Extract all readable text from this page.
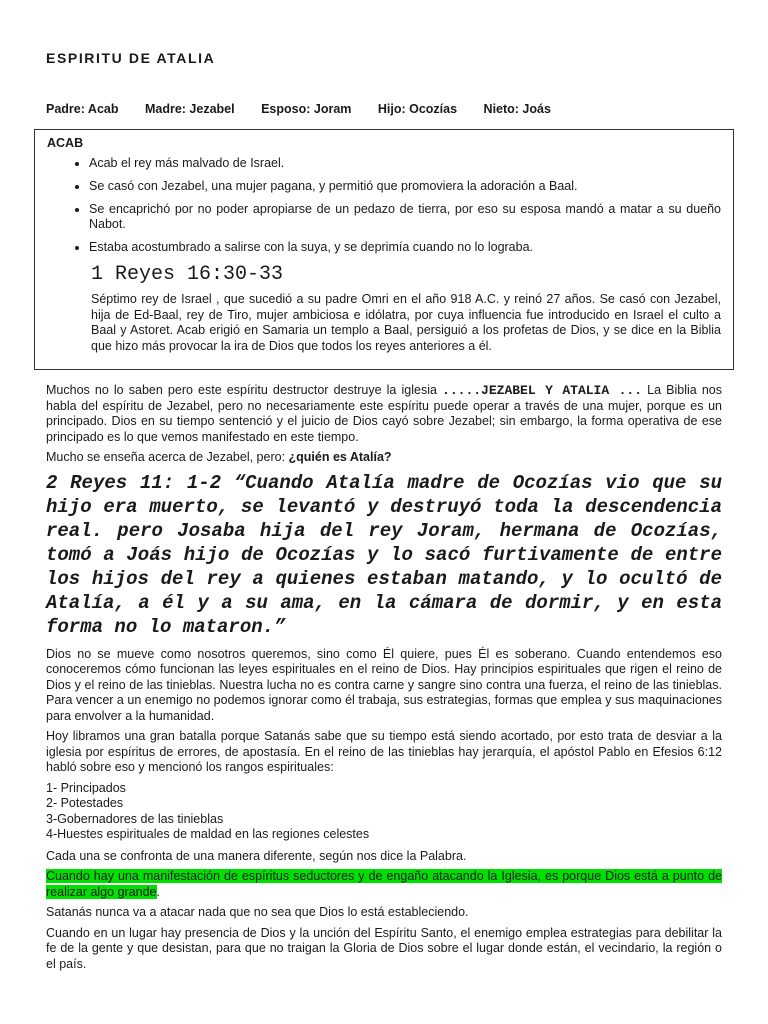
ESPIRITU DE ATALIA
Padre: Acab Madre: Jezabel Esposo: Joram Hijo: Ocozías Nieto: Joás
ACAB
• Acab el rey más malvado de Israel.
• Se casó con Jezabel, una mujer pagana, y permitió que promoviera la adoración a Baal.
• Se encaprichó por no poder apropiarse de un pedazo de tierra, por eso su esposa mandó a matar a su dueño Nabot.
• Estaba acostumbrado a salirse con la suya, y se deprimía cuando no lo lograba.
1 Reyes 16:30-33

Séptimo rey de Israel , que sucedió a su padre Omri en el año 918 A.C. y reinó 27 años. Se casó con Jezabel, hija de Ed-Baal, rey de Tiro, mujer ambiciosa e idólatra, por cuya influencia fue introducido en Israel el culto a Baal y Astoret. Acab erigió en Samaria un templo a Baal, persiguió a los profetas de Dios, y se dice en la Biblia que hizo más provocar la ira de Dios que todos los reyes anteriores a él.

Muchos no lo saben pero este espíritu destructor destruye la iglesia .....JEZABEL Y ATALIA ... La Biblia nos habla del espíritu de Jezabel, pero no necesariamente este espíritu puede operar a través de una mujer, porque es un principado. Dios en su tiempo sentenció y el juicio de Dios cayó sobre Jezabel; sin embargo, la forma operativa de ese principado es lo que vemos manifestado en este tiempo.

Mucho se enseña acerca de Jezabel, pero: ¿quién es Atalía?

2 Reyes 11: 1-2 “Cuando Atalía madre de Ocozías vio que su hijo era muerto, se levantó y destruyó toda la descendencia real. pero Josaba hija del rey Joram, hermana de Ocozías, tomó a Joás hijo de Ocozías y lo sacó furtivamente de entre los hijos del rey a quienes estaban matando, y lo ocultó de Atalía, a él y a su ama, en la cámara de dormir, y en esta forma no lo mataron.”

Dios no se mueve como nosotros queremos, sino como Él quiere, pues Él es soberano. Cuando entendemos eso conoceremos cómo funcionan las leyes espirituales en el reino de Dios. Hay principios espirituales que rigen el reino de Dios y el reino de las tinieblas. Nuestra lucha no es contra carne y sangre sino contra una fuerza, el reino de las tinieblas. Para vencer a un enemigo no podemos ignorar como él trabaja, sus estrategias, formas que emplea y sus maquinaciones para envolver a la humanidad.

Hoy libramos una gran batalla porque Satanás sabe que su tiempo está siendo acortado, por esto trata de desviar a la iglesia por espíritus de errores, de apostasía. En el reino de las tinieblas hay jerarquía, el apóstol Pablo en Efesios 6:12 habló sobre eso y mencionó los rangos espirituales:

1- Principados
2- Potestades
3-Gobernadores de las tinieblas
4-Huestes espirituales de maldad en las regiones celestes

Cada una se confronta de una manera diferente, según nos dice la Palabra.

Cuando hay una manifestación de espíritus seductores y de engaño atacando la Iglesia, es porque Dios está a punto de realizar algo grande.

Satanás nunca va a atacar nada que no sea que Dios lo está estableciendo.

Cuando en un lugar hay presencia de Dios y la unción del Espíritu Santo, el enemigo emplea estrategias para debilitar la fe de la gente y que desistan, para que no traigan la Gloria de Dios sobre el lugar donde están, el vecindario, la región o el país.
